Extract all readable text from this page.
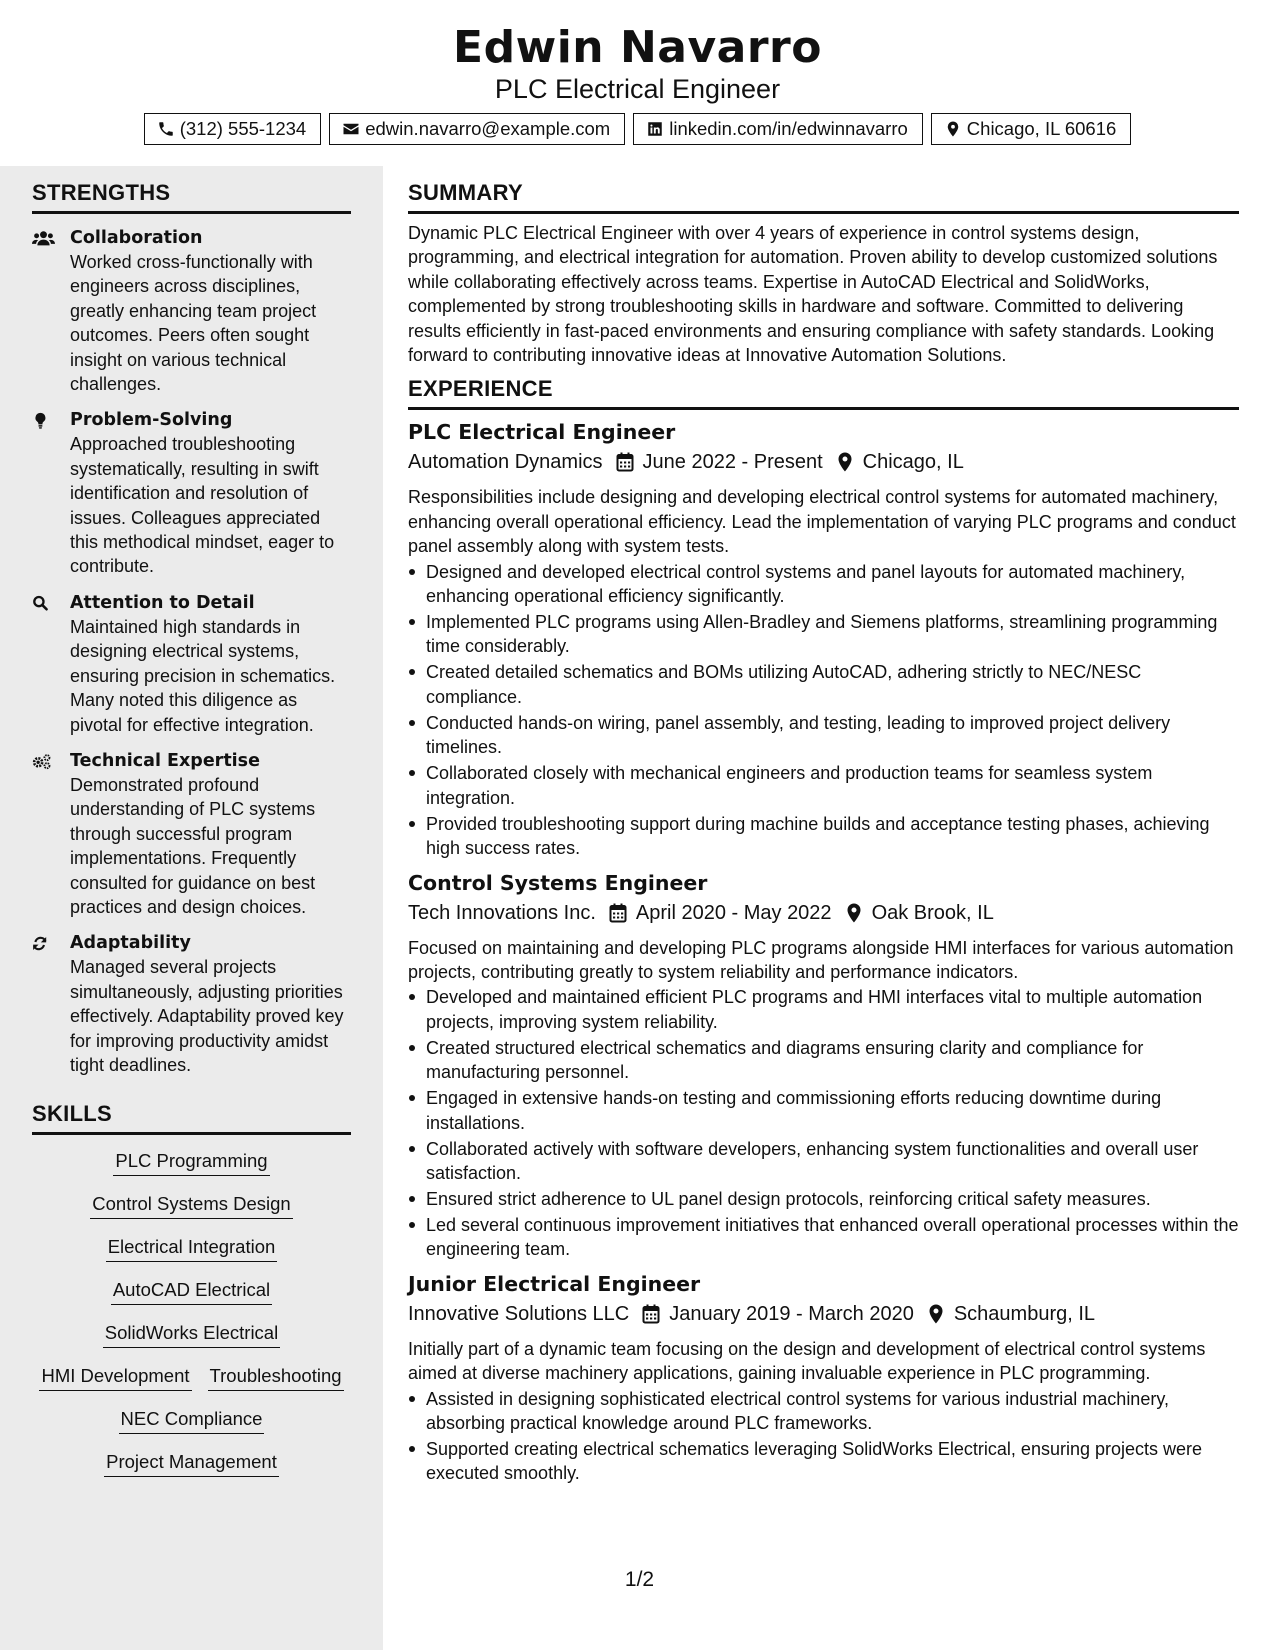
Edwin Navarro
PLC Electrical Engineer
(312) 555-1234	edwin.navarro@example.com	linkedin.com/in/edwinnavarro	Chicago, IL 60616
STRENGTHS
Collaboration
Worked cross-functionally with engineers across disciplines, greatly enhancing team project outcomes. Peers often sought insight on various technical challenges.
Problem-Solving
Approached troubleshooting systematically, resulting in swift identification and resolution of issues. Colleagues appreciated this methodical mindset, eager to contribute.
Attention to Detail
Maintained high standards in designing electrical systems, ensuring precision in schematics. Many noted this diligence as pivotal for effective integration.
Technical Expertise
Demonstrated profound understanding of PLC systems through successful program implementations. Frequently consulted for guidance on best practices and design choices.
Adaptability
Managed several projects simultaneously, adjusting priorities effectively. Adaptability proved key for improving productivity amidst tight deadlines.
SKILLS
PLC Programming
Control Systems Design
Electrical Integration
AutoCAD Electrical
SolidWorks Electrical
HMI Development Troubleshooting
NEC Compliance
Project Management
SUMMARY
Dynamic PLC Electrical Engineer with over 4 years of experience in control systems design, programming, and electrical integration for automation. Proven ability to develop customized solutions while collaborating effectively across teams. Expertise in AutoCAD Electrical and SolidWorks, complemented by strong troubleshooting skills in hardware and software. Committed to delivering results efficiently in fast-paced environments and ensuring compliance with safety standards. Looking forward to contributing innovative ideas at Innovative Automation Solutions.
EXPERIENCE
PLC Electrical Engineer
Automation Dynamics June 2022 - Present Chicago, IL
Responsibilities include designing and developing electrical control systems for automated machinery, enhancing overall operational efficiency. Lead the implementation of varying PLC programs and conduct panel assembly along with system tests.
Designed and developed electrical control systems and panel layouts for automated machinery, enhancing operational efficiency significantly.
Implemented PLC programs using Allen-Bradley and Siemens platforms, streamlining programming time considerably.
Created detailed schematics and BOMs utilizing AutoCAD, adhering strictly to NEC/NESC compliance.
Conducted hands-on wiring, panel assembly, and testing, leading to improved project delivery timelines.
Collaborated closely with mechanical engineers and production teams for seamless system integration.
Provided troubleshooting support during machine builds and acceptance testing phases, achieving high success rates.
Control Systems Engineer
Tech Innovations Inc. April 2020 - May 2022 Oak Brook, IL
Focused on maintaining and developing PLC programs alongside HMI interfaces for various automation projects, contributing greatly to system reliability and performance indicators.
Developed and maintained efficient PLC programs and HMI interfaces vital to multiple automation projects, improving system reliability.
Created structured electrical schematics and diagrams ensuring clarity and compliance for manufacturing personnel.
Engaged in extensive hands-on testing and commissioning efforts reducing downtime during installations.
Collaborated actively with software developers, enhancing system functionalities and overall user satisfaction.
Ensured strict adherence to UL panel design protocols, reinforcing critical safety measures.
Led several continuous improvement initiatives that enhanced overall operational processes within the engineering team.
Junior Electrical Engineer
Innovative Solutions LLC January 2019 - March 2020 Schaumburg, IL
Initially part of a dynamic team focusing on the design and development of electrical control systems aimed at diverse machinery applications, gaining invaluable experience in PLC programming.
Assisted in designing sophisticated electrical control systems for various industrial machinery, absorbing practical knowledge around PLC frameworks.
Supported creating electrical schematics leveraging SolidWorks Electrical, ensuring projects were executed smoothly.
1/2
